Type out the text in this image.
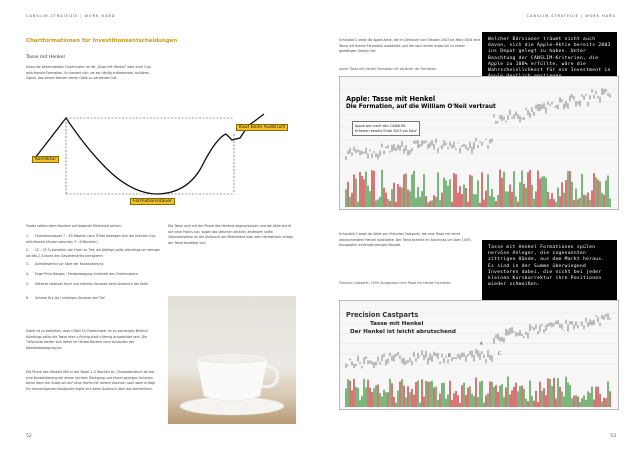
CANSLIM-STRATEGIE | WORK HARD
Chartformationen für Investitionsentscheidungen
Tasse mit Henkel
Eines der bekanntesten Chartmuster ist die „Tasse mit Henkel“ oder auch Cup-with-Handle-Formation. Es handelt sich um ein häufig auftretendes, bullishes Signal, das seinen Namen seiner Optik zu verdanken hat.
Korrektur
Kauf beim Ausbruch
Formationsdauer
Trader sollten beim Handeln auf folgende Merkmale achten:
1. Formationsdauer 7 – 65 Wochen (laut O'Neil bewegen sich die meisten Cup-with-Handle-Muster zwischen 3 – 6 Monaten)
2. 12 – 33 % Korrektur von Hoch zu Tief; die Abfolge sollte allerdings um weniger als das 2,5-fache des Gesamtmarkts korrigieren
3. Aufwärtstrend vor Start der Konsolidierung
4. Enge Price-Ranges / Preisbewegung innerhalb des Chartmusters
5. Höheres relatives Hoch und höheres Volumen beim Ausbruch der Aktie
6. Volume Dry-Up / niedriges Volumen am Tief
Dabei ist zu beachten, dass O'Neil 14 Chartmuster im zu vorherigen Bereich. Allerdings sollte die Tasse eher u-förmig statt v-förmig ausgebildet sein. Die Tiefpunkte stellen sich daher im Henkel-Bereich nach Auslaufen der Abwärtsbewegung ein.
Die Phase des Henkels fällt in der Regel 1–2 Wochen an. Charakteristisch ist hier eine Konsolidierung bei einem leichten Rückgang und einem geringen Volumen, bevor dann der Ausbruch auf neue Hochs mit hohem Volumen nach oben erfolgt. Ein hervorragender Kaufpunkt ergibt sich beim Ausbruch über das Henkelhoch.
Die Tasse wird mit der Phase des Henkels abgeschlossen und die Aktie bricht auf neue Hochs aus, wobei das Volumen deutlich ansteigen sollte. Optimalerweise ist der Ausbruch am Widerstand bzw. dem Henkelhoch erfolgt, der Trend bestätigt sich.
52
CANSLIM-STRATEGIE | WORK HARD
Schaubild 1 zeigt die Apple-Aktie, die im Zeitraum von Oktober 2003 bis März 2004 eine Tasse mit Henkel Formation ausbildete und die nach einem Ausbruch zu einem gewaltigen Gewinn lief.
Apple: Tasse mit Henkel Formation mit Vorläufer der Formation
Welcher Börsianer träumt nicht auch davon, sich die Apple-Aktie bereits 2003 ins Depot gelegt zu haben. Unter Beachtung der CANSLIM-Kriterien, die Apple zu 100% erfüllte, wäre die Wahrscheinlichkeit für ein Investment in
Apple: Tasse mit Henkel
Die Formation, auf die William O'Neil vertraut
Apple war nach den CANSLIM-Kriterien bereits Ende 2003 ein Kauf
Schaubild 2 zeigt die Aktie von Precision Castparts, die eine Tasse mit leicht abrutschendem Henkel ausbildete. Der Trend brachte im Anschluss um über 100% Kursgewinn innerhalb weniger Monate.
Precision Castparts: 100% Kursgewinn nach Tasse mit Henkel Formation
Tasse mit Henkel Formationen spülen nervöse Anleger, die sogenannten zittrigen Hände, aus dem Markt heraus. Es sind in der Summe überwiegend Investoren dabei, die nicht bei jeder kleinen Kurskorrektur ihre Positionen wieder schmeißen.
Precision Castparts
Tasse mit Henkel
Der Henkel ist leicht abrutschend
B
A
C
53
